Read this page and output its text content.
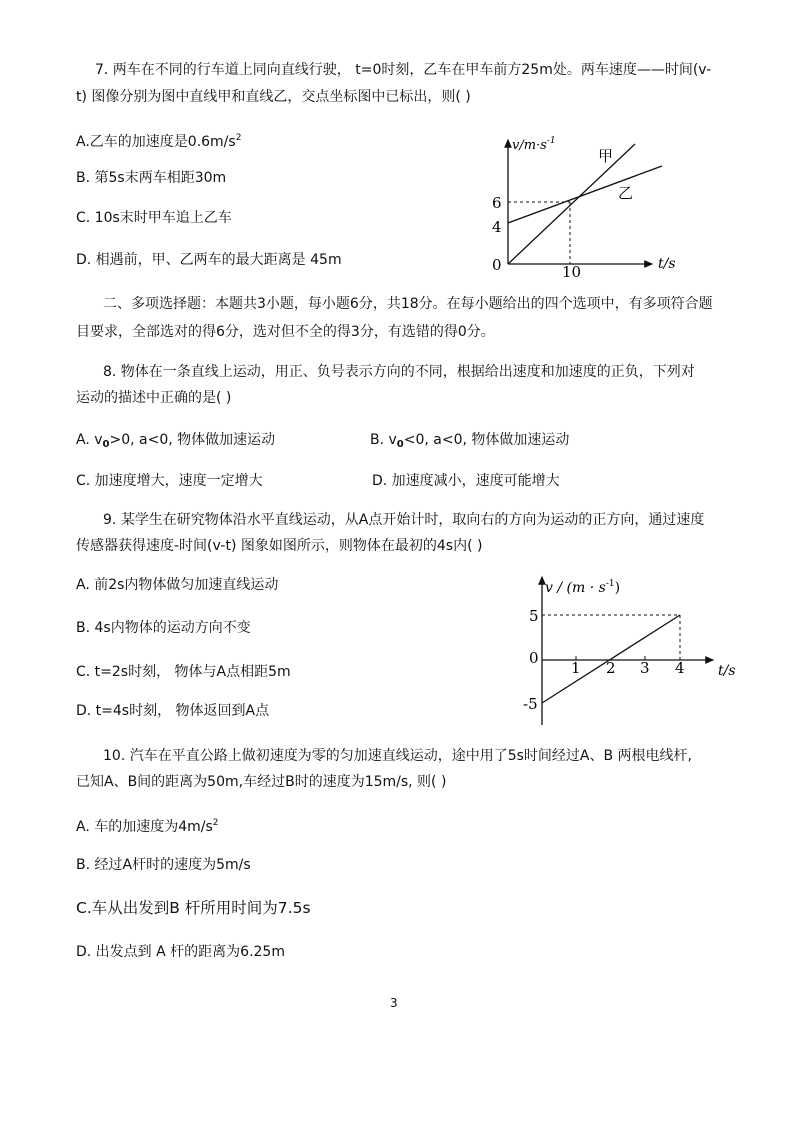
7. 两车在不同的行车道上同向直线行驶， t=0时刻，乙车在甲车前方25m处。两车速度——时间(v-
t) 图像分别为图中直线甲和直线乙，交点坐标图中已标出，则( )
A.乙车的加速度是$0.6m/s^2$
B. 第5s末两车相距30m
C. 10s末时甲车追上乙车
D. 相遇前，甲、乙两车的最大距离是 45m
$v/m\cdot s^{-1}$
甲
乙
6
4
0	10	t/s
二、多项选择题：本题共3小题，每小题6分，共18分。在每小题给出的四个选项中，有多项符合题
目要求，全部选对的得6分，选对但不全的得3分，有选错的得0分。
8. 物体在一条直线上运动，用正、负号表示方向的不同，根据给出速度和加速度的正负，下列对
运动的描述中正确的是( )
A. $v_0>0$, a<0, 物体做加速运动	B. $v_0<0$, a<0, 物体做加速运动
C. 加速度增大，速度一定增大	D. 加速度减小，速度可能增大
9. 某学生在研究物体沿水平直线运动，从A点开始计时，取向右的方向为运动的正方向，通过速度
传感器获得速度-时间(v-t) 图象如图所示，则物体在最初的4s内( )
A. 前2s内物体做匀加速直线运动
B. 4s内物体的运动方向不变
C. t=2s时刻， 物体与A点相距5m
D. t=4s时刻， 物体返回到A点
$v / (m \cdot s^{-1})$
5
0
-5
1 2 3 4 t/s
10. 汽车在平直公路上做初速度为零的匀加速直线运动，途中用了5s时间经过A、B 两根电线杆,
已知A、B间的距离为50m,车经过B时的速度为15m/s, 则( )
A. 车的加速度为$4m/s^2$
B. 经过A杆时的速度为5m/s
C.车从出发到B 杆所用时间为7.5s
D. 出发点到 A 杆的距离为6.25m
3
